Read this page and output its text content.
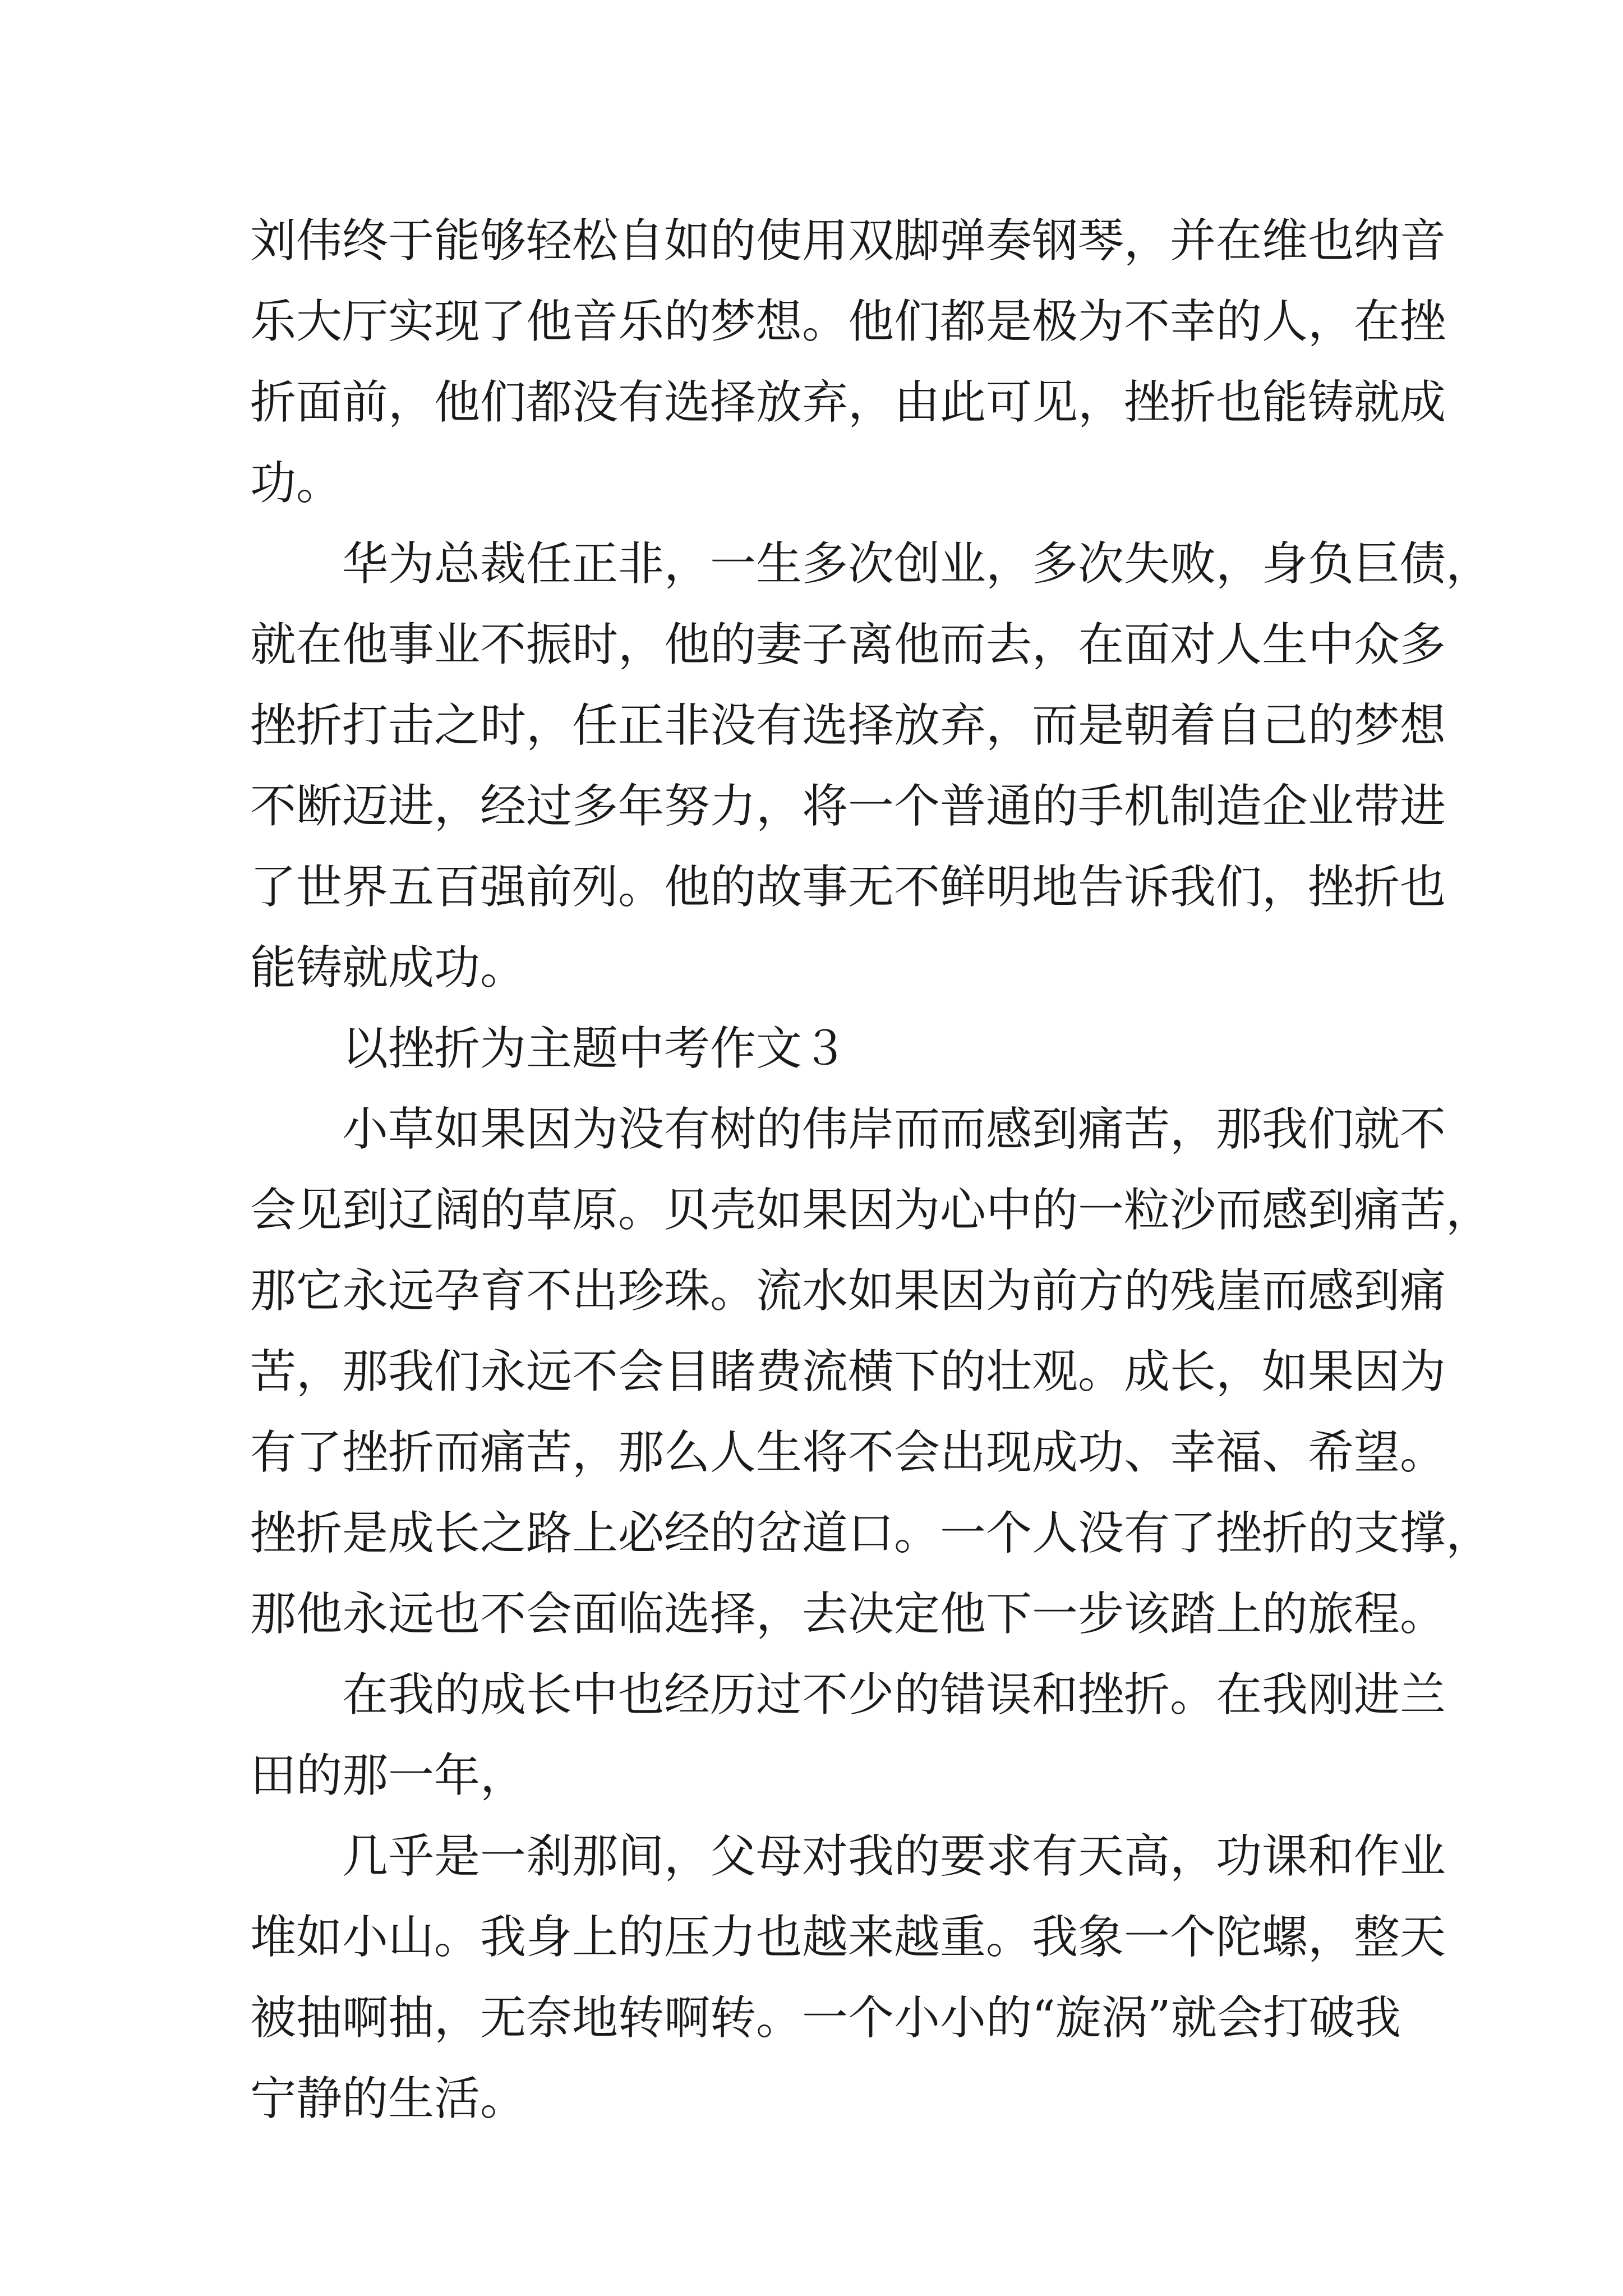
刘伟终于能够轻松自如的使用双脚弹奏钢琴，并在维也纳音
乐大厅实现了他音乐的梦想。他们都是极为不幸的人，在挫
折面前，他们都没有选择放弃，由此可见，挫折也能铸就成
功。
华为总裁任正非，一生多次创业，多次失败，身负巨债，
就在他事业不振时，他的妻子离他而去，在面对人生中众多
挫折打击之时，任正非没有选择放弃，而是朝着自己的梦想
不断迈进，经过多年努力，将一个普通的手机制造企业带进
了世界五百强前列。他的故事无不鲜明地告诉我们，挫折也
能铸就成功。
以挫折为主题中考作文３
小草如果因为没有树的伟岸而而感到痛苦，那我们就不
会见到辽阔的草原。贝壳如果因为心中的一粒沙而感到痛苦，
那它永远孕育不出珍珠。流水如果因为前方的残崖而感到痛
苦，那我们永远不会目睹费流横下的壮观。成长，如果因为
有了挫折而痛苦，那么人生将不会出现成功、幸福、希望。
挫折是成长之路上必经的岔道口。一个人没有了挫折的支撑，
那他永远也不会面临选择，去决定他下一步该踏上的旅程。
在我的成长中也经历过不少的错误和挫折。在我刚进兰
田的那一年，
几乎是一刹那间，父母对我的要求有天高，功课和作业
堆如小山。我身上的压力也越来越重。我象一个陀螺，整天
被抽啊抽，无奈地转啊转。一个小小的“旋涡”就会打破我
宁静的生活。
